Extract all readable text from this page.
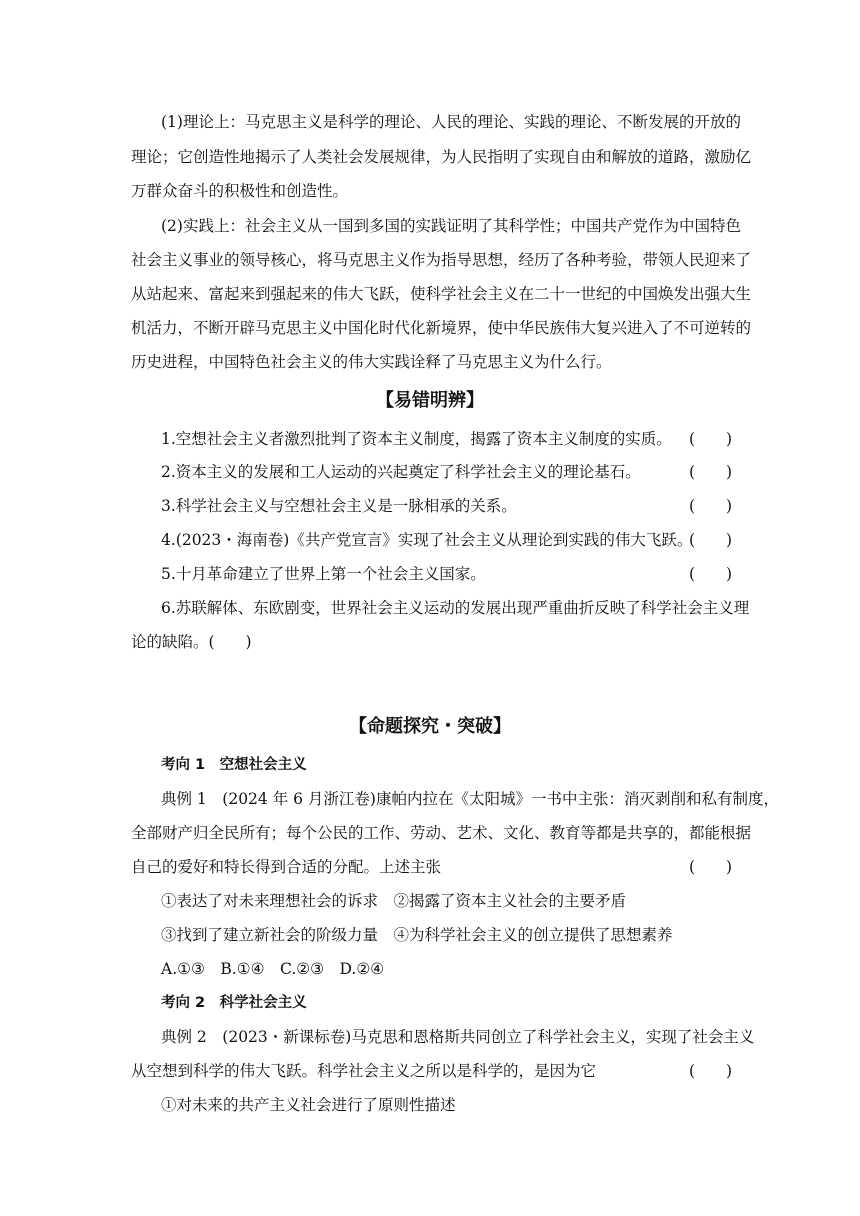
(1)理论上：马克思主义是科学的理论、人民的理论、实践的理论、不断发展的开放的
理论；它创造性地揭示了人类社会发展规律，为人民指明了实现自由和解放的道路，激励亿
万群众奋斗的积极性和创造性。
(2)实践上：社会主义从一国到多国的实践证明了其科学性；中国共产党作为中国特色
社会主义事业的领导核心，将马克思主义作为指导思想，经历了各种考验，带领人民迎来了
从站起来、富起来到强起来的伟大飞跃，使科学社会主义在二十一世纪的中国焕发出强大生
机活力，不断开辟马克思主义中国化时代化新境界，使中华民族伟大复兴进入了不可逆转的
历史进程，中国特色社会主义的伟大实践诠释了马克思主义为什么行。
【易错明辨】
1.空想社会主义者激烈批判了资本主义制度，揭露了资本主义制度的实质。 (　　)
2.资本主义的发展和工人运动的兴起奠定了科学社会主义的理论基石。	(　　)
3.科学社会主义与空想社会主义是一脉相承的关系。	(　　)
4.(2023・海南卷)《共产党宣言》实现了社会主义从理论到实践的伟大飞跃。
(　　)
5.十月革命建立了世界上第一个社会主义国家。	(　　)
6.苏联解体、东欧剧变，世界社会主义运动的发展出现严重曲折反映了科学社会主义理
论的缺陷。(　　)
【命题探究・突破】
考向 1　空想社会主义
典例 1　(2024 年 6 月浙江卷)康帕内拉在《太阳城》一书中主张：消灭剥削和私有制度，
全部财产归全民所有；每个公民的工作、劳动、艺术、文化、教育等都是共享的，都能根据
自己的爱好和特长得到合适的分配。上述主张	(　　)
①表达了对未来理想社会的诉求　②揭露了资本主义社会的主要矛盾
③找到了建立新社会的阶级力量　④为科学社会主义的创立提供了思想素养
A.①③　B.①④　C.②③　D.②④
考向 2　科学社会主义
典例 2　(2023・新课标卷)马克思和恩格斯共同创立了科学社会主义，实现了社会主义
从空想到科学的伟大飞跃。科学社会主义之所以是科学的，是因为它	(　　)
①对未来的共产主义社会进行了原则性描述
